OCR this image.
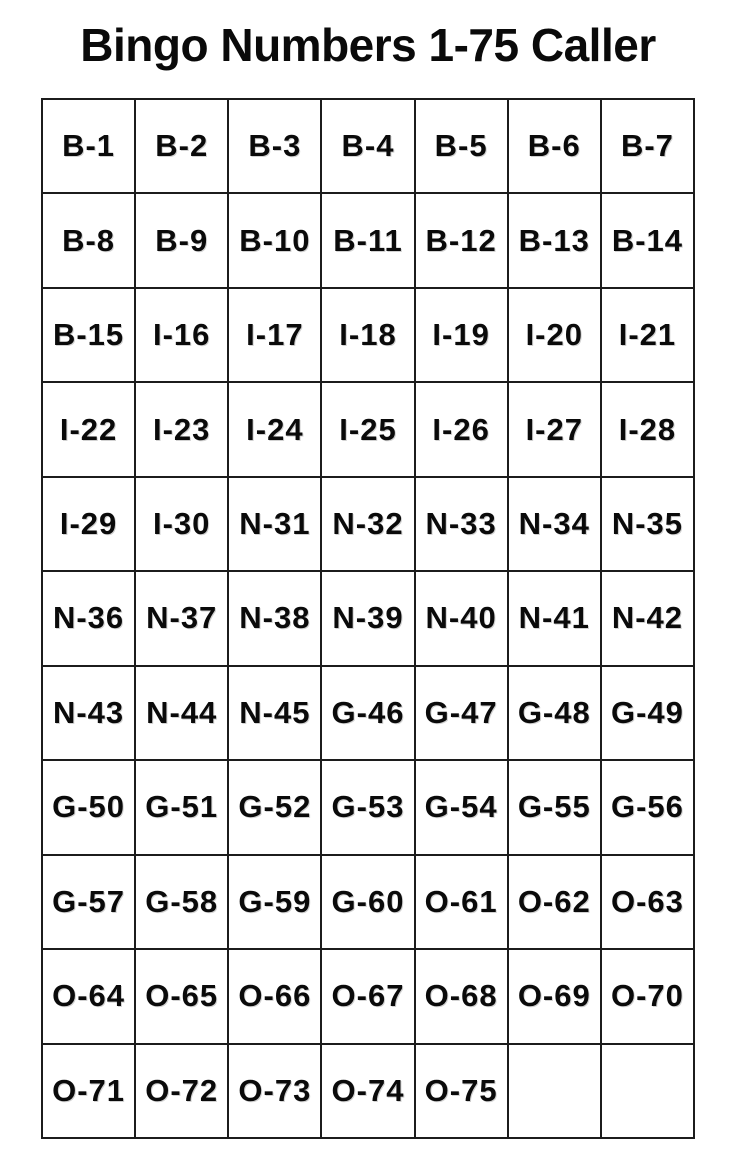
Bingo Numbers 1-75 Caller
B-1	B-2	B-3	B-4	B-5	B-6	B-7
B-8	B-9	B-10	B-11	B-12	B-13	B-14
B-15	I-16	I-17	I-18	I-19	I-20	I-21
I-22	I-23	I-24	I-25	I-26	I-27	I-28
I-29	I-30	N-31	N-32	N-33	N-34	N-35
N-36	N-37	N-38	N-39	N-40	N-41	N-42
N-43	N-44	N-45	G-46	G-47	G-48	G-49
G-50	G-51	G-52	G-53	G-54	G-55	G-56
G-57	G-58	G-59	G-60	O-61	O-62	O-63
O-64	O-65	O-66	O-67	O-68	O-69	O-70
O-71	O-72	O-73	O-74	O-75		
